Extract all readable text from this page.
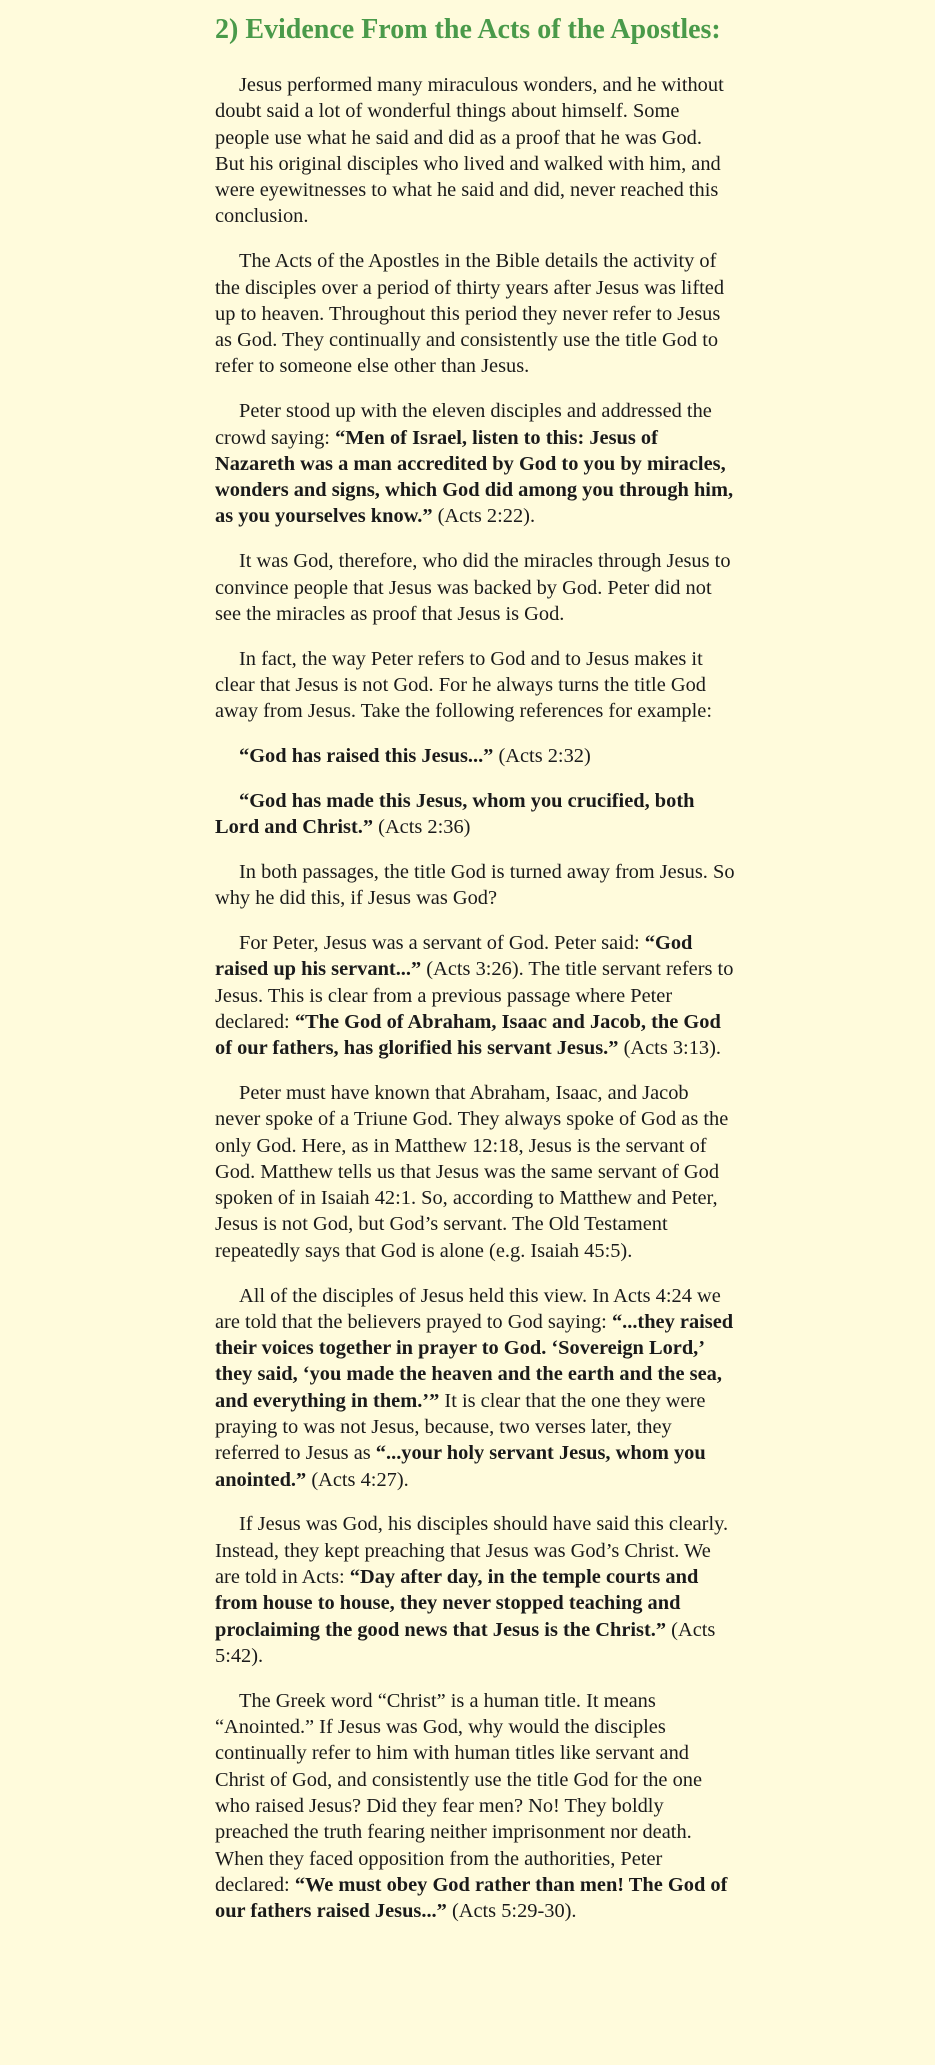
2) Evidence From the Acts of the Apostles:

Jesus performed many miraculous wonders, and he without doubt said a lot of wonderful things about himself. Some people use what he said and did as a proof that he was God. But his original disciples who lived and walked with him, and were eyewitnesses to what he said and did, never reached this conclusion.

The Acts of the Apostles in the Bible details the activity of the disciples over a period of thirty years after Jesus was lifted up to heaven. Throughout this period they never refer to Jesus as God. They continually and consistently use the title God to refer to someone else other than Jesus.

Peter stood up with the eleven disciples and addressed the crowd saying: “Men of Israel, listen to this: Jesus of Nazareth was a man accredited by God to you by miracles, wonders and signs, which God did among you through him, as you yourselves know.” (Acts 2:22).

It was God, therefore, who did the miracles through Jesus to convince people that Jesus was backed by God. Peter did not see the miracles as proof that Jesus is God.

In fact, the way Peter refers to God and to Jesus makes it clear that Jesus is not God. For he always turns the title God away from Jesus. Take the following references for example:

“God has raised this Jesus...” (Acts 2:32)

“God has made this Jesus, whom you crucified, both Lord and Christ.” (Acts 2:36)

In both passages, the title God is turned away from Jesus. So why he did this, if Jesus was God?

For Peter, Jesus was a servant of God. Peter said: “God raised up his servant...” (Acts 3:26). The title servant refers to Jesus. This is clear from a previous passage where Peter declared: “The God of Abraham, Isaac and Jacob, the God of our fathers, has glorified his servant Jesus.” (Acts 3:13).

Peter must have known that Abraham, Isaac, and Jacob never spoke of a Triune God. They always spoke of God as the only God. Here, as in Matthew 12:18, Jesus is the servant of God. Matthew tells us that Jesus was the same servant of God spoken of in Isaiah 42:1. So, according to Matthew and Peter, Jesus is not God, but God’s servant. The Old Testament repeatedly says that God is alone (e.g. Isaiah 45:5).

All of the disciples of Jesus held this view. In Acts 4:24 we are told that the believers prayed to God saying: “...they raised their voices together in prayer to God. ‘Sovereign Lord,’ they said, ‘you made the heaven and the earth and the sea, and everything in them.’” It is clear that the one they were praying to was not Jesus, because, two verses later, they referred to Jesus as “...your holy servant Jesus, whom you anointed.” (Acts 4:27).

If Jesus was God, his disciples should have said this clearly. Instead, they kept preaching that Jesus was God’s Christ. We are told in Acts: “Day after day, in the temple courts and from house to house, they never stopped teaching and proclaiming the good news that Jesus is the Christ.” (Acts 5:42).

The Greek word “Christ” is a human title. It means “Anointed.” If Jesus was God, why would the disciples continually refer to him with human titles like servant and Christ of God, and consistently use the title God for the one who raised Jesus? Did they fear men? No! They boldly preached the truth fearing neither imprisonment nor death. When they faced opposition from the authorities, Peter declared: “We must obey God rather than men! The God of our fathers raised Jesus...” (Acts 5:29-30).
